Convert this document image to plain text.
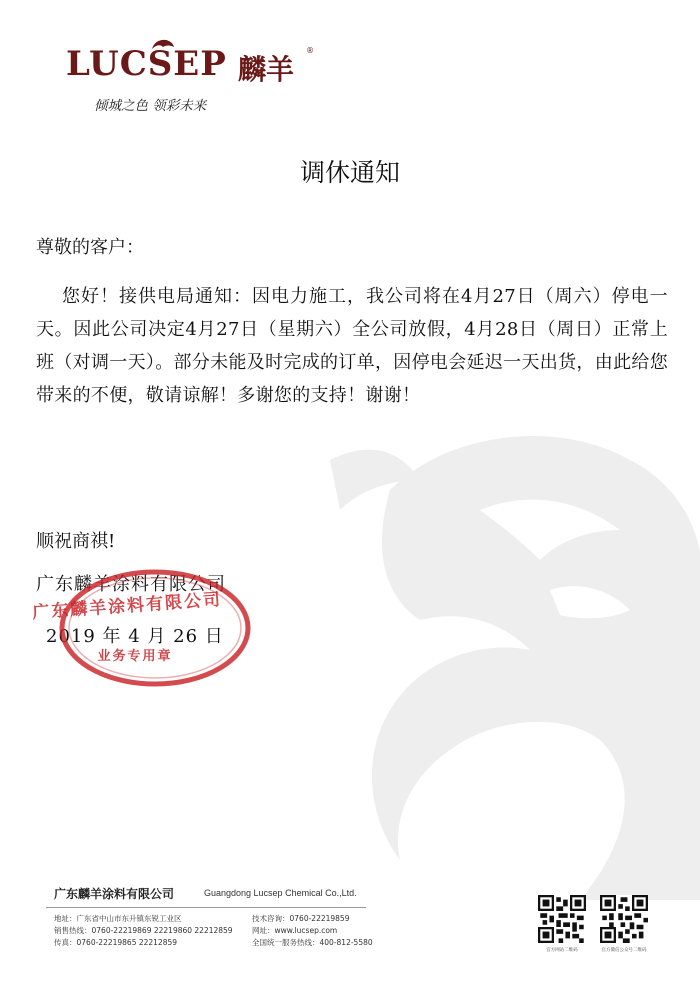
LUCSEP 麟羊
®
倾城之色 领彩未来
调休通知
尊敬的客户：

您好！接供电局通知：因电力施工，我公司将在4月27日（周六）停电一天。因此公司决定4月27日（星期六）全公司放假，4月28日（周日）正常上班（对调一天）。部分未能及时完成的订单，因停电会延迟一天出货，由此给您带来的不便，敬请谅解！多谢您的支持！谢谢！

顺祝商祺!
广东麟羊涂料有限公司
2019 年 4 月 26 日
广东麟羊涂料有限公司
业务专用章
广东麟羊涂料有限公司	Guangdong Lucsep Chemical Co.,Ltd.
地址：广东省中山市东升镇东锐工业区
销售热线：0760-22219869 22219860 22212859
传真：0760-22219865 22212859
技术咨询：0760-22219859
网址：www.lucsep.com
全国统一服务热线：400-812-5580
官方网站二维码	官方微信公众号二维码
